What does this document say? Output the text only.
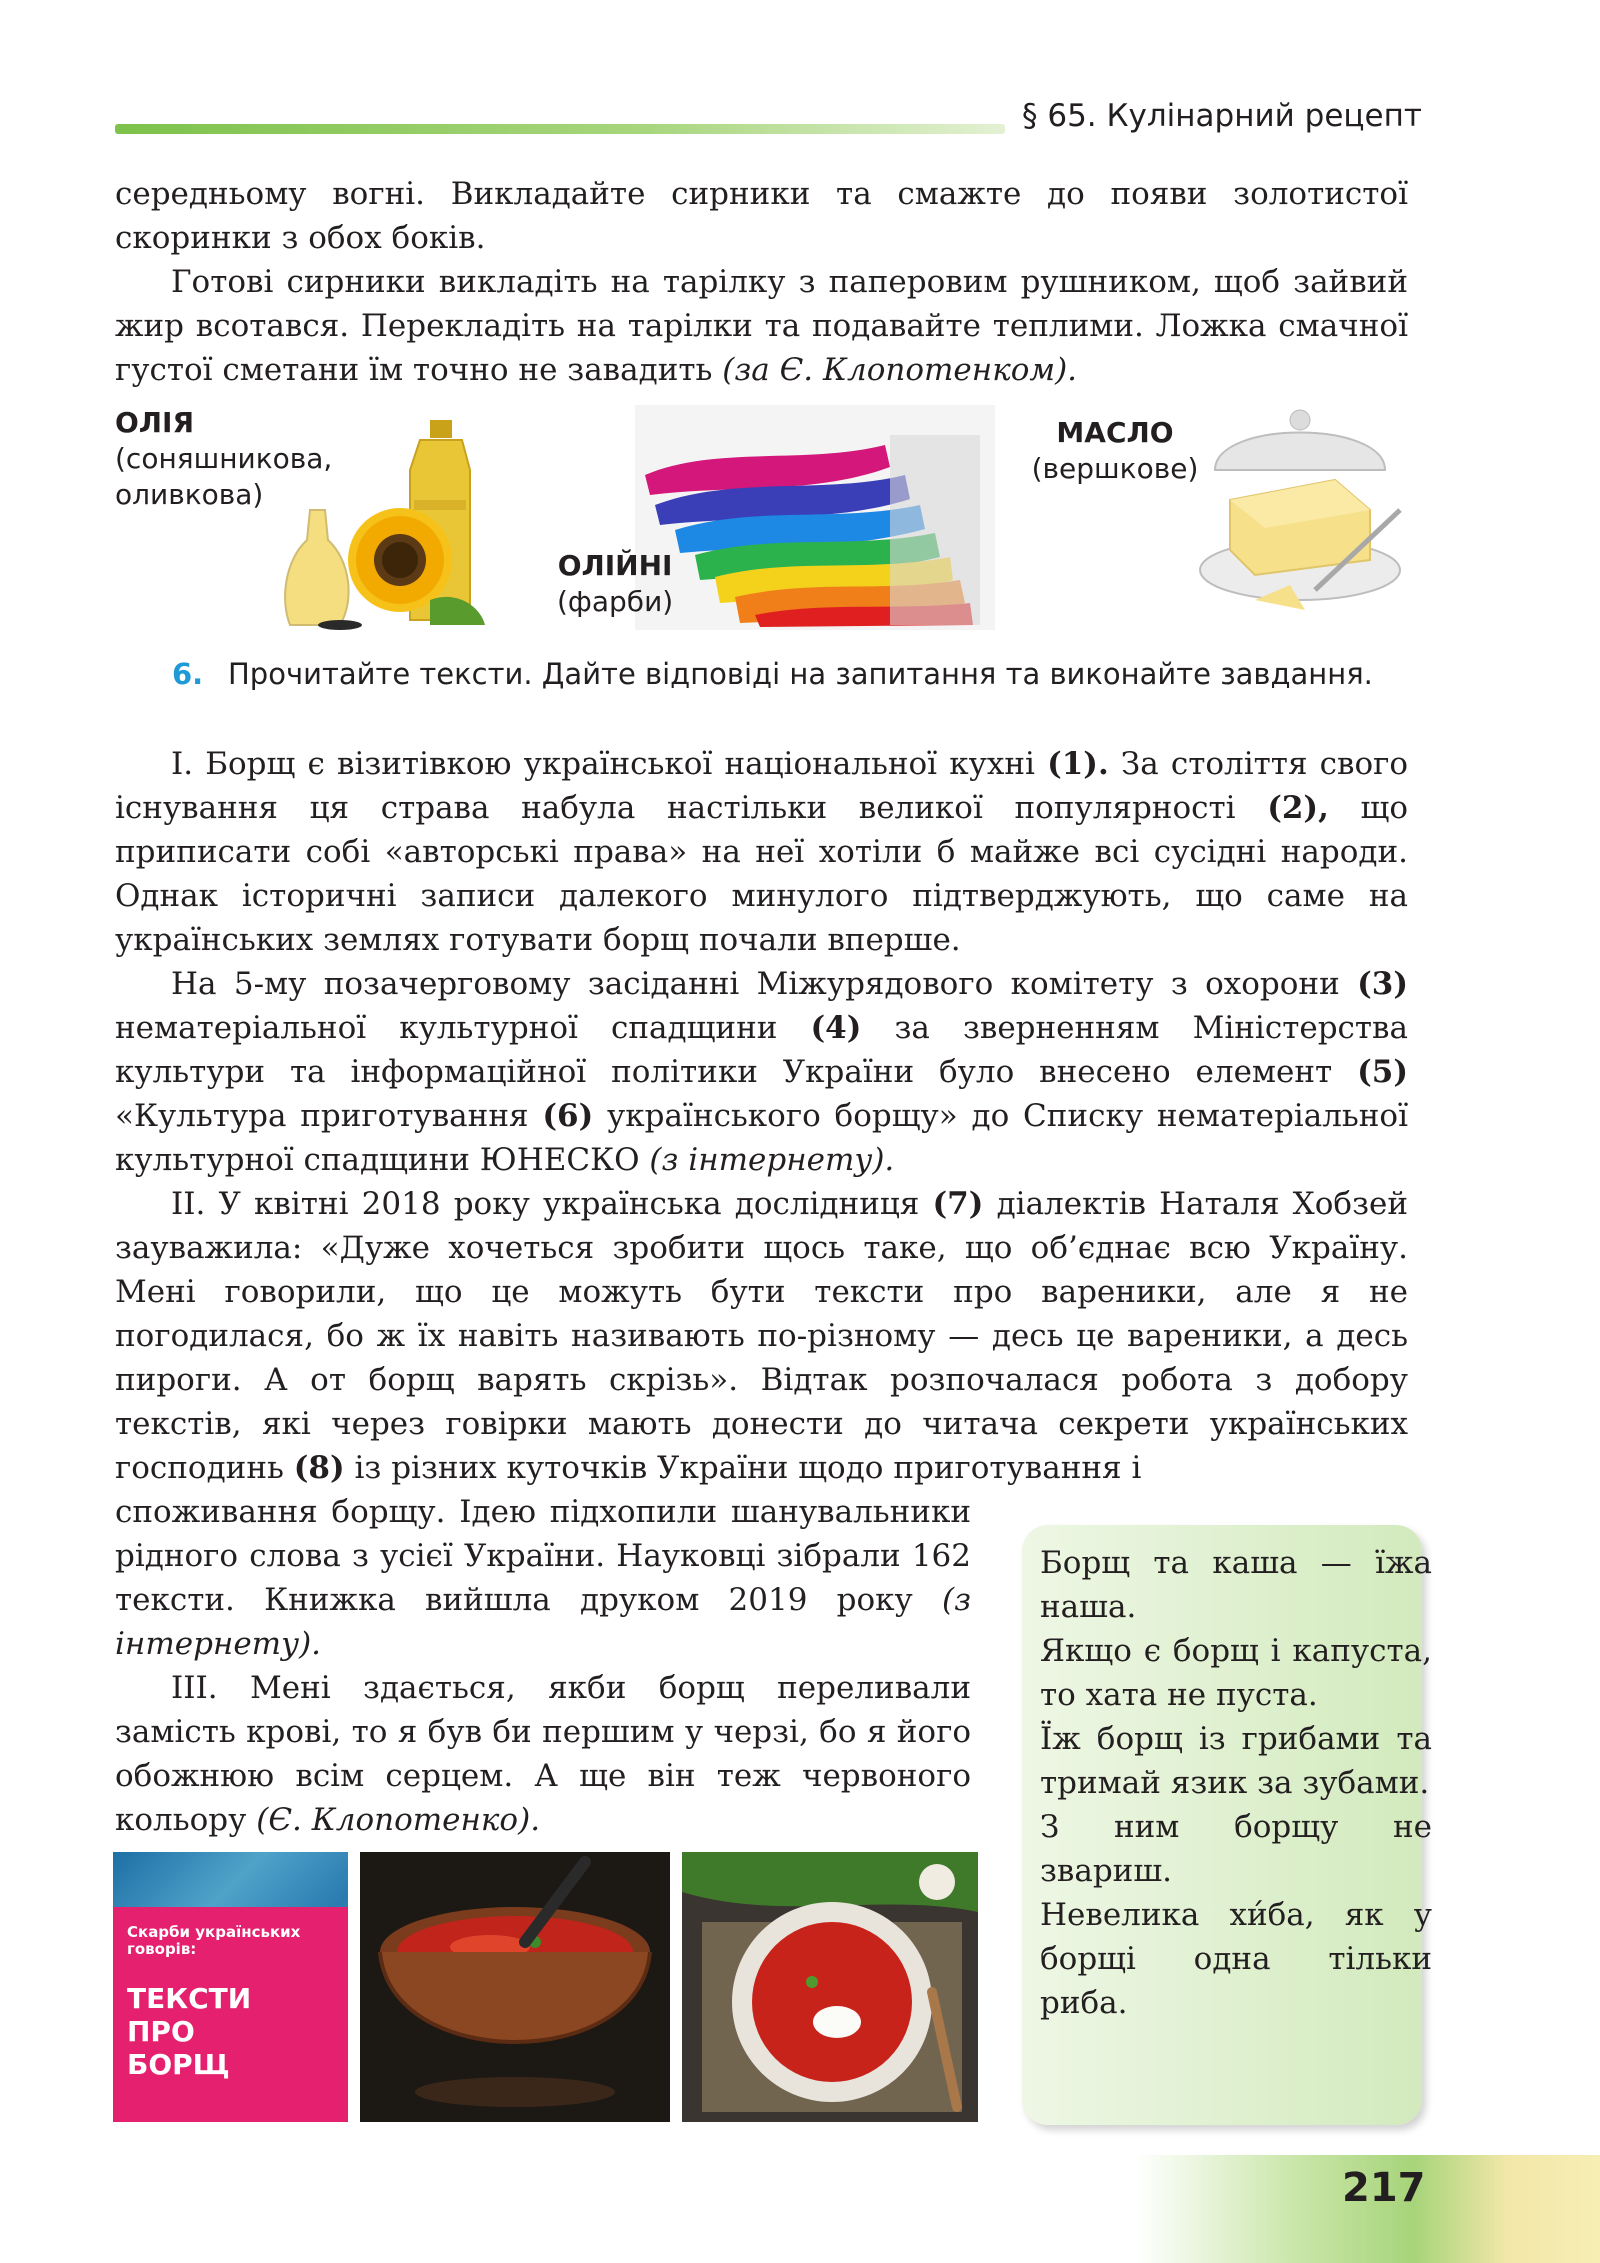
§ 65. Кулінарний рецепт
середньому вогні. Викладайте сирники та смажте до появи золотистої скоринки з обох боків.
Готові сирники викладіть на тарілку з паперовим рушником, щоб зайвий жир всотався. Перекладіть на тарілки та подавайте теплими. Ложка смачної густої сметани їм точно не завадить (за Є. Клопотенком).
ОЛІЯ
(соняшникова,
оливкова)
ОЛІЙНІ
(фарби)
МАСЛО
(вершкове)
6. Прочитайте тексти. Дайте відповіді на запитання та виконайте завдання.
І. Борщ є візитівкою української національної кухні (1). За століття свого існування ця страва набула настільки великої популярності (2), що приписати собі «авторські права» на неї хотіли б майже всі сусідні народи. Однак історичні записи далекого минулого підтверджують, що саме на українських землях готувати борщ почали вперше.
На 5-му позачерговому засіданні Міжурядового комітету з охорони (3) нематеріальної культурної спадщини (4) за зверненням Міністерства культури та інформаційної політики України було внесено елемент (5) «Культура приготування (6) українського борщу» до Списку нематеріальної культурної спадщини ЮНЕСКО (з інтернету).
ІІ. У квітні 2018 року українська дослідниця (7) діалектів Наталя Хобзей зауважила: «Дуже хочеться зробити щось таке, що об’єднає всю Україну. Мені говорили, що це можуть бути тексти про вареники, але я не погодилася, бо ж їх навіть називають по-різному — десь це вареники, а десь пироги. А от борщ варять скрізь». Відтак розпочалася робота з добору текстів, які через говірки мають донести до читача секрети українських господинь (8) із різних куточків України щодо приготування і
споживання борщу. Ідею підхопили шанувальники рідного слова з усієї України. Науковці зібрали 162 тексти. Книжка вийшла друком 2019 року (з інтернету).
ІІІ. Мені здається, якби борщ переливали замість крові, то я був би першим у черзі, бо я його обожнюю всім серцем. А ще він теж червоного кольору (Є. Клопотенко).

Борщ та каша — їжа наша.

Якщо є борщ і капуста, то хата не пуста.

Їж борщ із грибами та тримай язик за зубами.

З ним борщу не звариш.

Невелика хи́ба, як у борщі одна тільки риба.

Скарби українських
говорів:
ТЕКСТИ
ПРО
БОРЩ
217
